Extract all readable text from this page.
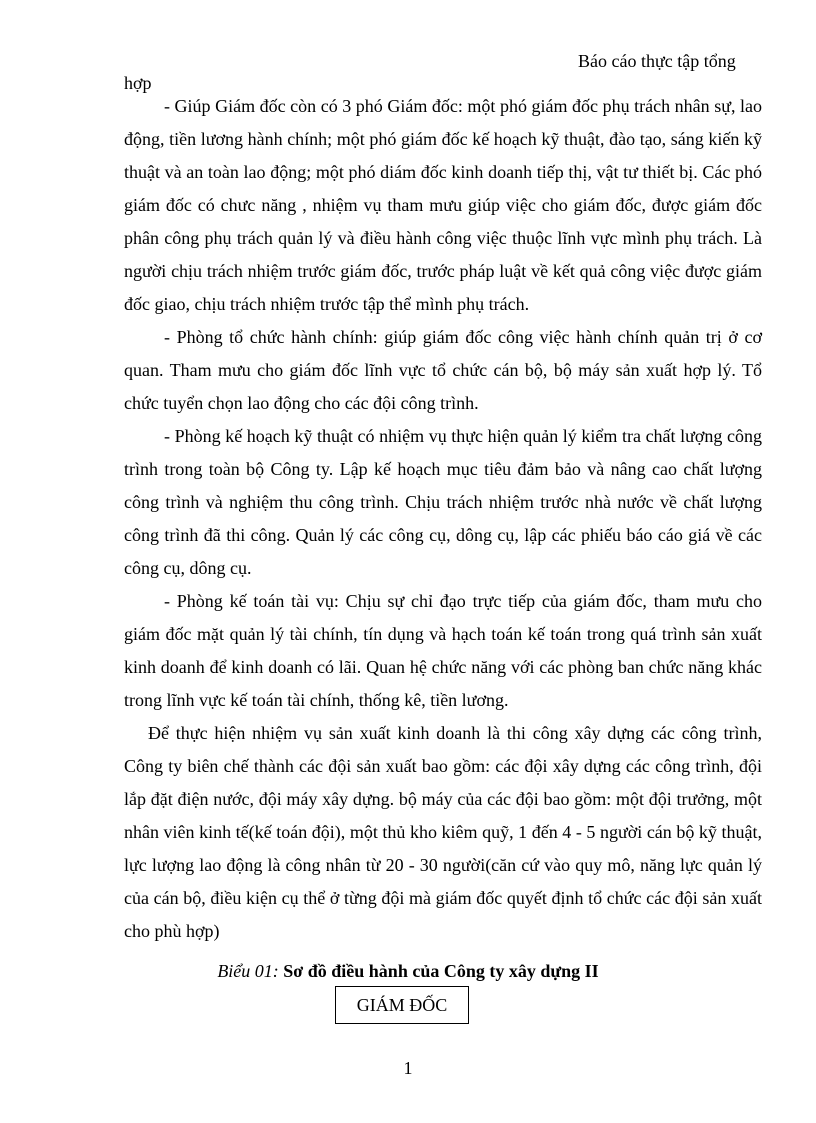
Báo cáo thực tập tổng
hợp

- Giúp Giám đốc còn có 3 phó Giám đốc: một phó giám đốc phụ trách nhân sự, lao động, tiền lương hành chính; một phó giám đốc kế hoạch kỹ thuật, đào tạo, sáng kiến kỹ thuật và an toàn lao động; một phó diám đốc kinh doanh tiếp thị, vật tư thiết bị. Các phó giám đốc có chưc năng , nhiệm vụ tham mưu giúp việc cho giám đốc, được giám đốc phân công phụ trách quản lý và điều hành công việc thuộc lĩnh vực mình phụ trách. Là người chịu trách nhiệm trước giám đốc, trước pháp luật về kết quả công việc được giám đốc giao, chịu trách nhiệm trước tập thể mình phụ trách.

- Phòng tổ chức hành chính: giúp giám đốc công việc hành chính quản trị ở cơ quan. Tham mưu cho giám đốc lĩnh vực tổ chức cán bộ, bộ máy sản xuất hợp lý. Tổ chức tuyển chọn lao động cho các đội công trình.

- Phòng kế hoạch kỹ thuật có nhiệm vụ thực hiện quản lý kiểm tra chất lượng công trình trong toàn bộ Công ty. Lập kế hoạch mục tiêu đảm bảo và nâng cao chất lượng công trình và nghiệm thu công trình. Chịu trách nhiệm trước nhà nước về chất lượng công trình đã thi công. Quản lý các công cụ, dông cụ, lập các phiếu báo cáo giá về các công cụ, dông cụ.

- Phòng kế toán tài vụ: Chịu sự chỉ đạo trực tiếp của giám đốc, tham mưu cho giám đốc mặt quản lý tài chính, tín dụng và hạch toán kế toán trong quá trình sản xuất kinh doanh để kinh doanh có lãi. Quan hệ chức năng với các phòng ban chức năng khác trong lĩnh vực kế toán tài chính, thống kê, tiền lương.

Để thực hiện nhiệm vụ sản xuất kinh doanh là thi công xây dựng các công trình, Công ty biên chế thành các đội sản xuất bao gồm: các đội xây dựng các công trình, đội lắp đặt điện nước, đội máy xây dựng. bộ máy của các đội bao gồm: một đội trưởng, một nhân viên kinh tế(kế toán đội), một thủ kho kiêm quỹ, 1 đến 4 - 5 người cán bộ kỹ thuật, lực lượng lao động là công nhân từ 20 - 30 người(căn cứ vào quy mô, năng lực quản lý của cán bộ, điều kiện cụ thể ở từng đội mà giám đốc quyết định tổ chức các đội sản xuất cho phù hợp)

Biểu 01: Sơ đồ điều hành của Công ty xây dựng II
GIÁM ĐỐC
1
